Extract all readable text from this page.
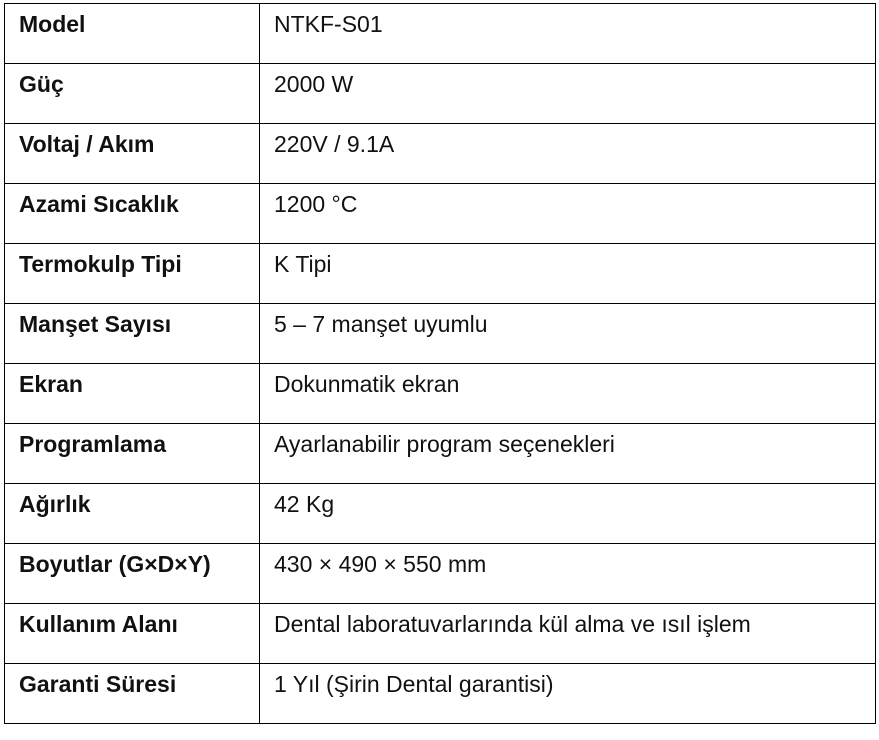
Model	NTKF-S01
Güç	2000 W
Voltaj / Akım	220V / 9.1A
Azami Sıcaklık	1200 °C
Termokulp Tipi	K Tipi
Manşet Sayısı	5 – 7 manşet uyumlu
Ekran	Dokunmatik ekran
Programlama	Ayarlanabilir program seçenekleri
Ağırlık	42 Kg
Boyutlar (G×D×Y)	430 × 490 × 550 mm
Kullanım Alanı	Dental laboratuvarlarında kül alma ve ısıl işlem
Garanti Süresi	1 Yıl (Şirin Dental garantisi)
